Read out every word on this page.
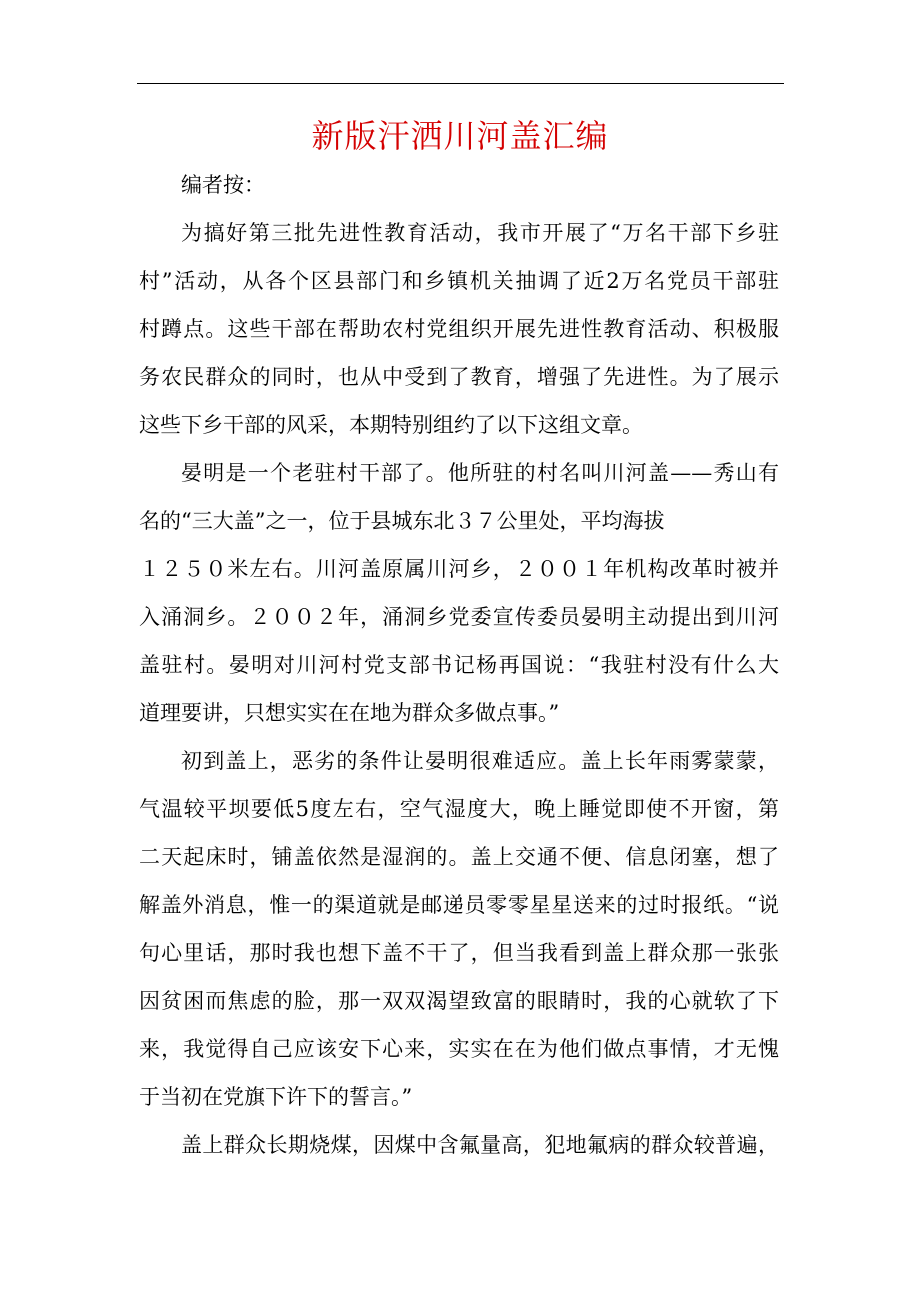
新版汗洒川河盖汇编

编者按：

为搞好第三批先进性教育活动，我市开展了“万名干部下乡驻

村”活动，从各个区县部门和乡镇机关抽调了近2万名党员干部驻

村蹲点。这些干部在帮助农村党组织开展先进性教育活动、积极服

务农民群众的同时，也从中受到了教育，增强了先进性。为了展示

这些下乡干部的风采，本期特别组约了以下这组文章。

晏明是一个老驻村干部了。他所驻的村名叫川河盖——秀山有

名的“三大盖”之一，位于县城东北３７公里处，平均海拔

１２５０米左右。川河盖原属川河乡，２００１年机构改革时被并

入涌洞乡。２００２年，涌洞乡党委宣传委员晏明主动提出到川河

盖驻村。晏明对川河村党支部书记杨再国说：“我驻村没有什么大

道理要讲，只想实实在在地为群众多做点事。”

初到盖上，恶劣的条件让晏明很难适应。盖上长年雨雾蒙蒙，

气温较平坝要低5度左右，空气湿度大，晚上睡觉即使不开窗，第

二天起床时，铺盖依然是湿润的。盖上交通不便、信息闭塞，想了

解盖外消息，惟一的渠道就是邮递员零零星星送来的过时报纸。“说

句心里话，那时我也想下盖不干了，但当我看到盖上群众那一张张

因贫困而焦虑的脸，那一双双渴望致富的眼睛时，我的心就软了下

来，我觉得自己应该安下心来，实实在在为他们做点事情，才无愧

于当初在党旗下许下的誓言。”

盖上群众长期烧煤，因煤中含氟量高，犯地氟病的群众较普遍，
